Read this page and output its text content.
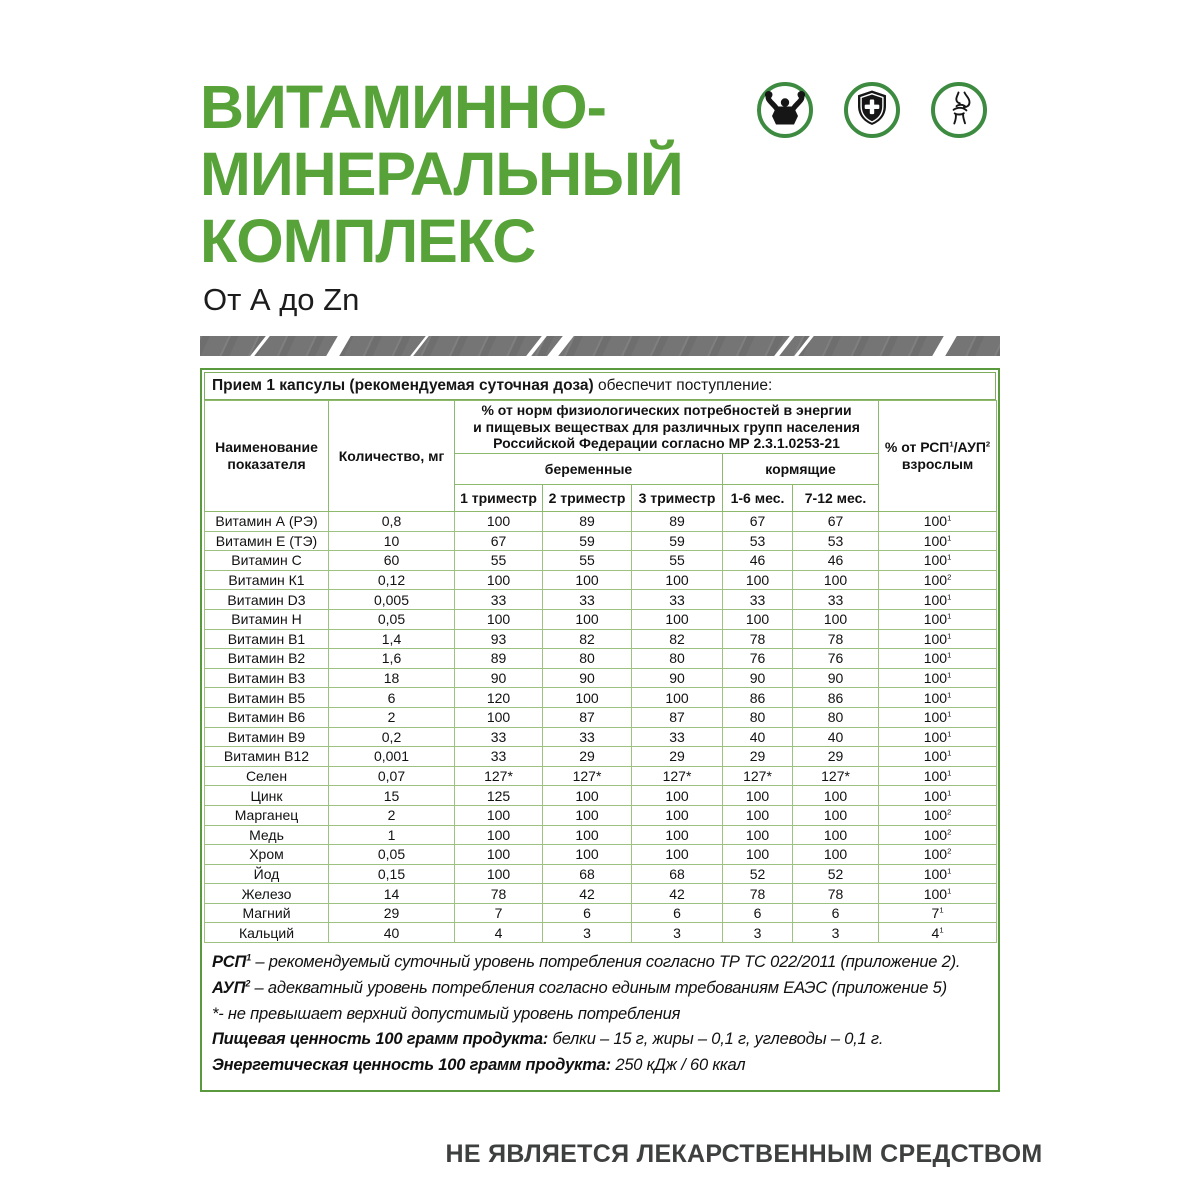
ВИТАМИННО-
МИНЕРАЛЬНЫЙ
КОМПЛЕКС
От А до Zn
Прием 1 капсулы (рекомендуемая суточная доза) обеспечит поступление:
Наименование показателя	Количество, мг	
% от норм физиологических потребностей в энергии
и пищевых веществах для различных групп населения
Российской Федерации согласно МР 2.3.1.0253-21	% от РСП$^1$/АУП$^2$
взрослым

		беременные			кормящие		
		1 триместр	2 триместр	3 триместр	1-6 мес.	7-12 мес.	
Витамин А (РЭ)	0,8	100	89	89	67	67	$100^1$
Витамин Е (ТЭ)	10	67	59	59	53	53	$100^1$
Витамин С	60	55	55	55	46	46	$100^1$
Витамин К1	0,12	100	100	100	100	100	$100^2$
Витамин D3	0,005	33	33	33	33	33	$100^1$
Витамин Н	0,05	100	100	100	100	100	$100^1$
Витамин В1	1,4	93	82	82	78	78	$100^1$
Витамин В2	1,6	89	80	80	76	76	$100^1$
Витамин В3	18	90	90	90	90	90	$100^1$
Витамин В5	6	120	100	100	86	86	$100^1$
Витамин В6	2	100	87	87	80	80	$100^1$
Витамин В9	0,2	33	33	33	40	40	$100^1$
Витамин В12	0,001	33	29	29	29	29	$100^1$
Селен	0,07	127*	127*	127*	127*	127*	$100^1$
Цинк	15	125	100	100	100	100	$100^1$
Марганец	2	100	100	100	100	100	$100^2$
Медь	1	100	100	100	100	100	$100^2$
Хром	0,05	100	100	100	100	100	$100^2$
Йод	0,15	100	68	68	52	52	$100^1$
Железо	14	78	42	42	78	78	$100^1$
Магний	29	7	6	6	6	6	$7^1$
Кальций	40	4	3	3	3	3	$4^1$
РСП$^1$ – рекомендуемый суточный уровень потребления согласно ТР ТС 022/2011 (приложение 2).
АУП$^2$ – адекватный уровень потребления согласно единым требованиям ЕАЭС (приложение 5)
*- не превышает верхний допустимый уровень потребления
Пищевая ценность 100 грамм продукта: белки – 15 г, жиры – 0,1 г, углеводы – 0,1 г.
Энергетическая ценность 100 грамм продукта: 250 кДж / 60 ккал
НЕ ЯВЛЯЕТСЯ ЛЕКАРСТВЕННЫМ СРЕДСТВОМ
